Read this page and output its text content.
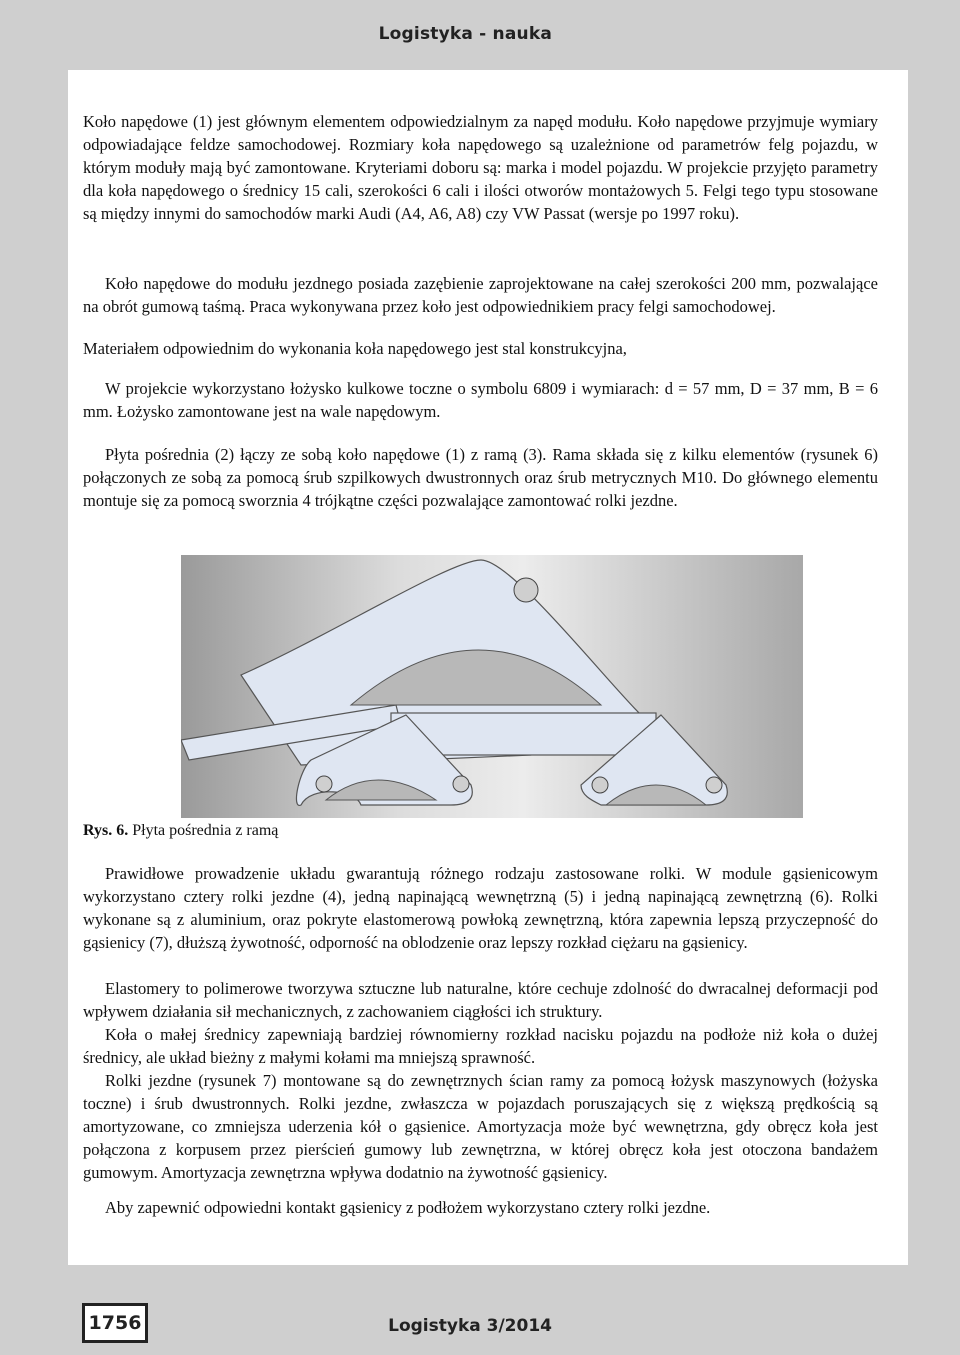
Logistyka - nauka

Koło napędowe (1) jest głównym elementem odpowiedzialnym za napęd modułu. Koło napędowe przyjmuje wymiary odpowiadające feldze samochodowej. Rozmiary koła napędowego są uzależnione od parametrów felg pojazdu, w którym moduły mają być zamontowane. Kryteriami doboru są: marka i model pojazdu. W projekcie przyjęto parametry dla koła napędowego o średnicy 15 cali, szerokości 6 cali i ilości otworów montażowych 5. Felgi tego typu stosowane są między innymi do samochodów marki Audi (A4, A6, A8) czy VW Passat (wersje po 1997 roku).

Koło napędowe do modułu jezdnego posiada zazębienie zaprojektowane na całej szerokości 200 mm, pozwalające na obrót gumową taśmą. Praca wykonywana przez koło jest odpowiednikiem pracy felgi samochodowej.

Materiałem odpowiednim do wykonania koła napędowego jest stal konstrukcyjna,

W projekcie wykorzystano łożysko kulkowe toczne o symbolu 6809 i wymiarach: d = 57 mm, D = 37 mm, B = 6 mm. Łożysko zamontowane jest na wale napędowym.

Płyta pośrednia (2) łączy ze sobą koło napędowe (1) z ramą (3). Rama składa się z kilku elementów (rysunek 6) połączonych ze sobą za pomocą śrub szpilkowych dwustronnych oraz śrub metrycznych M10. Do głównego elementu montuje się za pomocą sworznia 4 trójkątne części pozwalające zamontować rolki jezdne.

Rys. 6. Płyta pośrednia z ramą

Prawidłowe prowadzenie układu gwarantują różnego rodzaju zastosowane rolki. W module gąsienicowym wykorzystano cztery rolki jezdne (4), jedną napinającą wewnętrzną (5) i jedną napinającą zewnętrzną (6). Rolki wykonane są z aluminium, oraz pokryte elastomerową powłoką zewnętrzną, która zapewnia lepszą przyczepność do gąsienicy (7), dłuższą żywotność, odporność na oblodzenie oraz lepszy rozkład ciężaru na gąsienicy.

Elastomery to polimerowe tworzywa sztuczne lub naturalne, które cechuje zdolność do dwracalnej deformacji pod wpływem działania sił mechanicznych, z zachowaniem ciągłości ich struktury.

Koła o małej średnicy zapewniają bardziej równomierny rozkład nacisku pojazdu na podłoże niż koła o dużej średnicy, ale układ bieżny z małymi kołami ma mniejszą sprawność.

Rolki jezdne (rysunek 7) montowane są do zewnętrznych ścian ramy za pomocą łożysk maszynowych (łożyska toczne) i śrub dwustronnych. Rolki jezdne, zwłaszcza w pojazdach poruszających się z większą prędkością są amortyzowane, co zmniejsza uderzenia kół o gąsienice. Amortyzacja może być wewnętrzna, gdy obręcz koła jest połączona z korpusem przez pierścień gumowy lub zewnętrzna, w której obręcz koła jest otoczona bandażem gumowym. Amortyzacja zewnętrzna wpływa dodatnio na żywotność gąsienicy.

Aby zapewnić odpowiedni kontakt gąsienicy z podłożem wykorzystano cztery rolki jezdne.

1756	Logistyka 3/2014
